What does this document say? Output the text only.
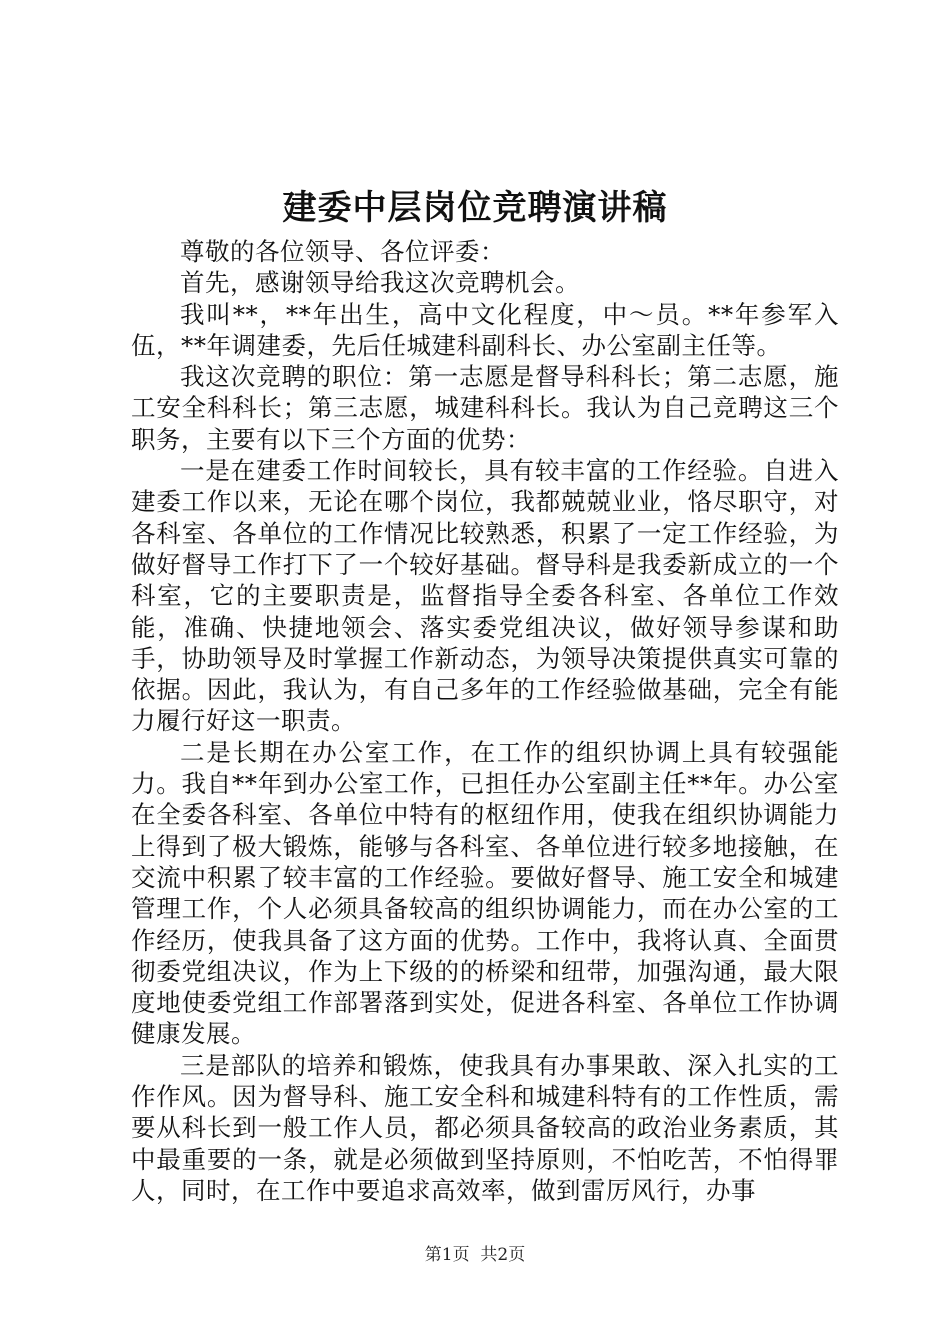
建委中层岗位竞聘演讲稿

尊敬的各位领导、各位评委：

首先，感谢领导给我这次竞聘机会。

我叫**，**年出生，高中文化程度，中～员。**年参军入伍，**年调建委，先后任城建科副科长、办公室副主任等。

我这次竞聘的职位：第一志愿是督导科科长；第二志愿，施工安全科科长；第三志愿，城建科科长。我认为自己竞聘这三个职务，主要有以下三个方面的优势：

一是在建委工作时间较长，具有较丰富的工作经验。自进入建委工作以来，无论在哪个岗位，我都兢兢业业，恪尽职守，对各科室、各单位的工作情况比较熟悉，积累了一定工作经验，为做好督导工作打下了一个较好基础。督导科是我委新成立的一个科室，它的主要职责是，监督指导全委各科室、各单位工作效能，准确、快捷地领会、落实委党组决议，做好领导参谋和助手，协助领导及时掌握工作新动态，为领导决策提供真实可靠的依据。因此，我认为，有自己多年的工作经验做基础，完全有能力履行好这一职责。

二是长期在办公室工作，在工作的组织协调上具有较强能力。我自**年到办公室工作，已担任办公室副主任**年。办公室在全委各科室、各单位中特有的枢纽作用，使我在组织协调能力上得到了极大锻炼，能够与各科室、各单位进行较多地接触，在交流中积累了较丰富的工作经验。要做好督导、施工安全和城建管理工作，个人必须具备较高的组织协调能力，而在办公室的工作经历，使我具备了这方面的优势。工作中，我将认真、全面贯彻委党组决议，作为上下级的的桥梁和纽带，加强沟通，最大限度地使委党组工作部署落到实处，促进各科室、各单位工作协调健康发展。

三是部队的培养和锻炼，使我具有办事果敢、深入扎实的工作作风。因为督导科、施工安全科和城建科特有的工作性质，需要从科长到一般工作人员，都必须具备较高的政治业务素质，其中最重要的一条，就是必须做到坚持原则，不怕吃苦，不怕得罪人，同时，在工作中要追求高效率，做到雷厉风行，办事

第1页 共2页
